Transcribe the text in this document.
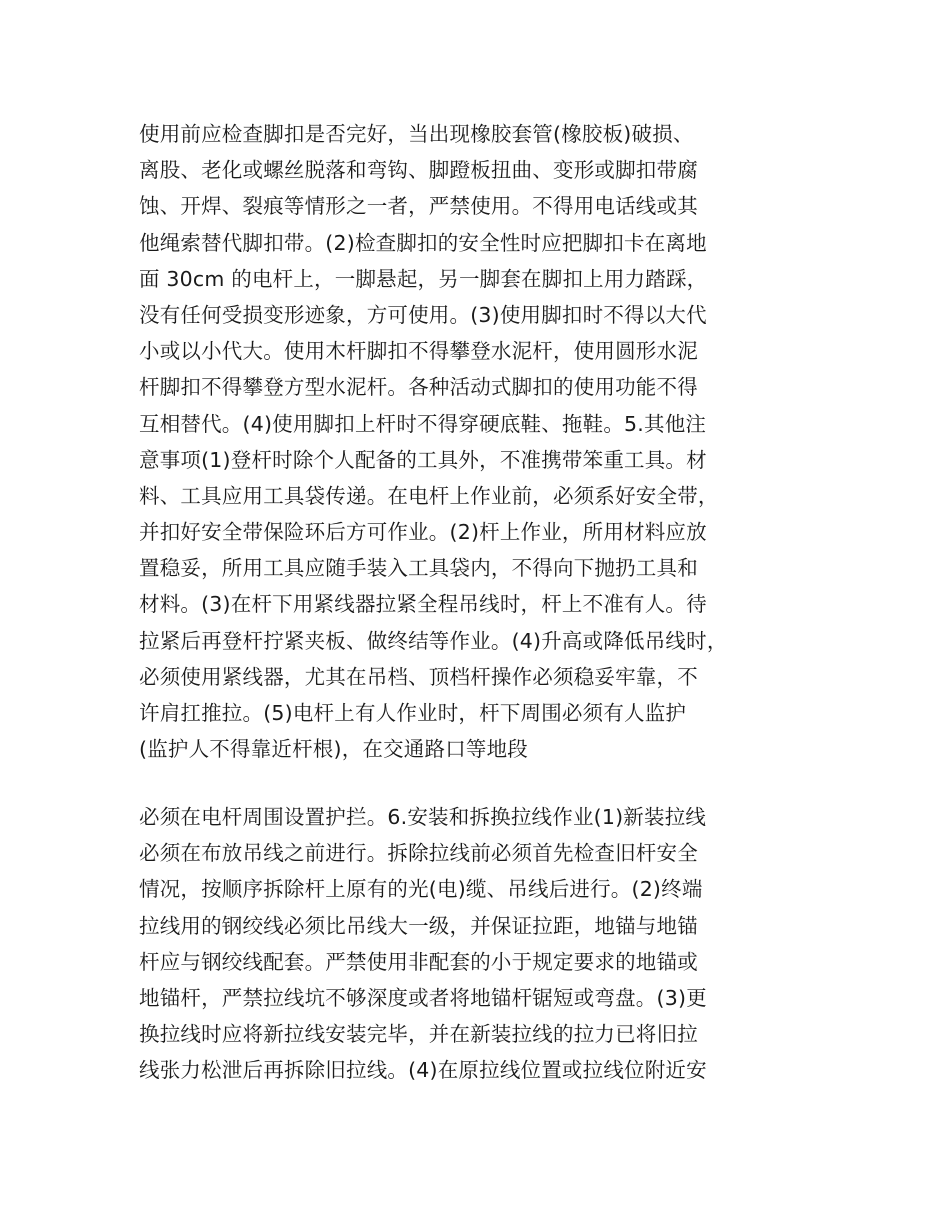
使用前应检查脚扣是否完好，当出现橡胶套管(橡胶板)破损、
离股、老化或螺丝脱落和弯钩、脚蹬板扭曲、变形或脚扣带腐
蚀、开焊、裂痕等情形之一者，严禁使用。不得用电话线或其
他绳索替代脚扣带。(2)检查脚扣的安全性时应把脚扣卡在离地
面 30cm 的电杆上，一脚悬起，另一脚套在脚扣上用力踏踩，
没有任何受损变形迹象，方可使用。(3)使用脚扣时不得以大代
小或以小代大。使用木杆脚扣不得攀登水泥杆，使用圆形水泥
杆脚扣不得攀登方型水泥杆。各种活动式脚扣的使用功能不得
互相替代。(4)使用脚扣上杆时不得穿硬底鞋、拖鞋。5.其他注
意事项(1)登杆时除个人配备的工具外，不准携带笨重工具。材
料、工具应用工具袋传递。在电杆上作业前，必须系好安全带，
并扣好安全带保险环后方可作业。(2)杆上作业，所用材料应放
置稳妥，所用工具应随手装入工具袋内，不得向下抛扔工具和
材料。(3)在杆下用紧线器拉紧全程吊线时，杆上不准有人。待
拉紧后再登杆拧紧夹板、做终结等作业。(4)升高或降低吊线时，
必须使用紧线器，尤其在吊档、顶档杆操作必须稳妥牢靠，不
许肩扛推拉。(5)电杆上有人作业时，杆下周围必须有人监护
(监护人不得靠近杆根)，在交通路口等地段
必须在电杆周围设置护拦。6.安装和拆换拉线作业(1)新装拉线
必须在布放吊线之前进行。拆除拉线前必须首先检查旧杆安全
情况，按顺序拆除杆上原有的光(电)缆、吊线后进行。(2)终端
拉线用的钢绞线必须比吊线大一级，并保证拉距，地锚与地锚
杆应与钢绞线配套。严禁使用非配套的小于规定要求的地锚或
地锚杆，严禁拉线坑不够深度或者将地锚杆锯短或弯盘。(3)更
换拉线时应将新拉线安装完毕，并在新装拉线的拉力已将旧拉
线张力松泄后再拆除旧拉线。(4)在原拉线位置或拉线位附近安
